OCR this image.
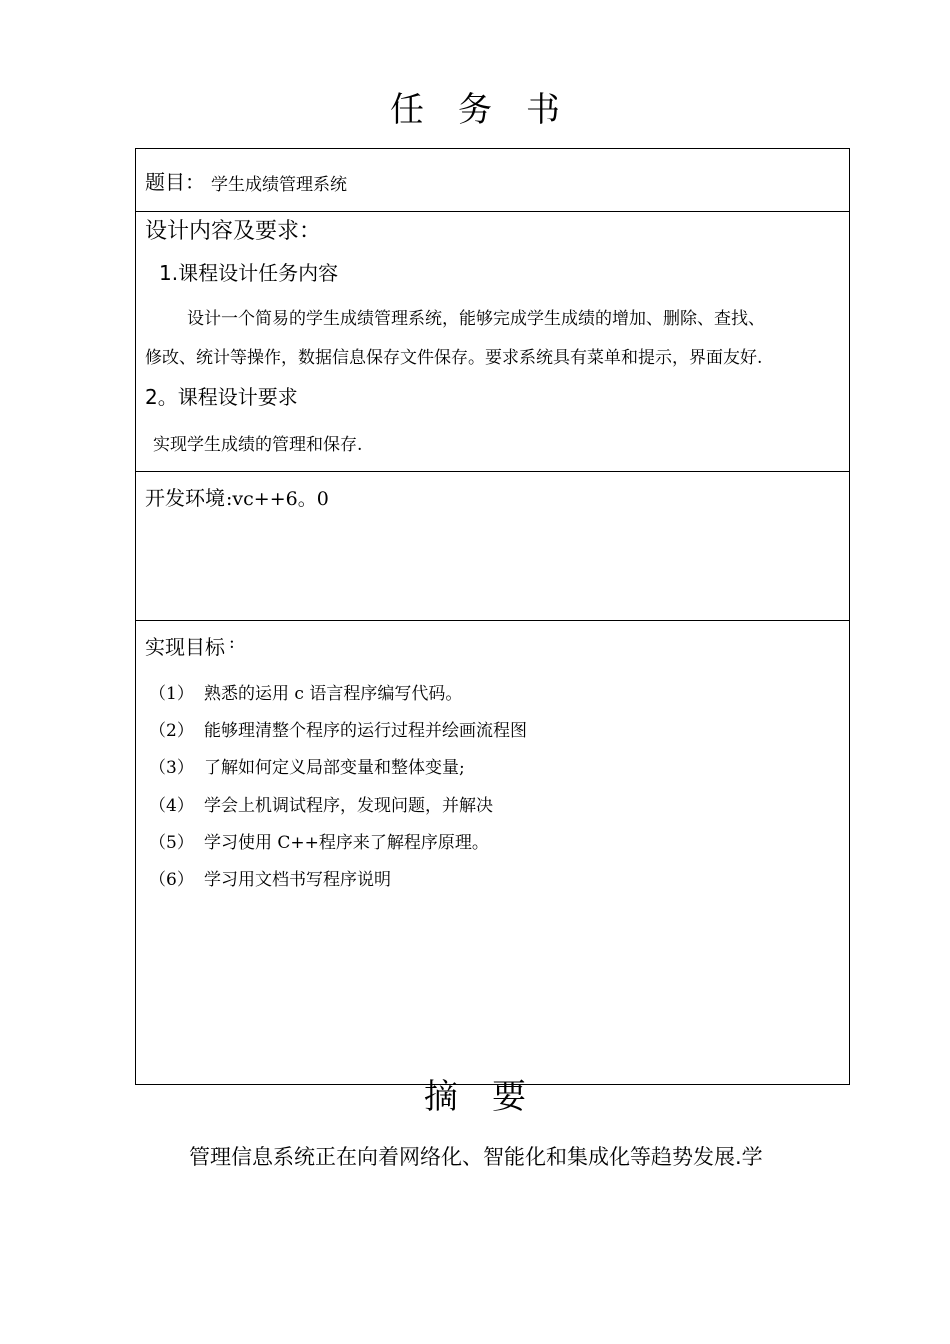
任　务　书
题目： 学生成绩管理系统
设计内容及要求：
1.课程设计任务内容
设计一个简易的学生成绩管理系统，能够完成学生成绩的增加、删除、查找、
修改、统计等操作，数据信息保存文件保存。要求系统具有菜单和提示，界面友好.
2。课程设计要求
实现学生成绩的管理和保存.
开发环境 :vc++6。0
实现目标 :
（1） 熟悉的运用 c 语言程序编写代码。
（2） 能够理清整个程序的运行过程并绘画流程图
（3） 了解如何定义局部变量和整体变量;
（4） 学会上机调试程序，发现问题，并解决
（5） 学习使用 C++程序来了解程序原理。
（6） 学习用文档书写程序说明
摘　要

管理信息系统正在向着网络化、智能化和集成化等趋势发展.学
